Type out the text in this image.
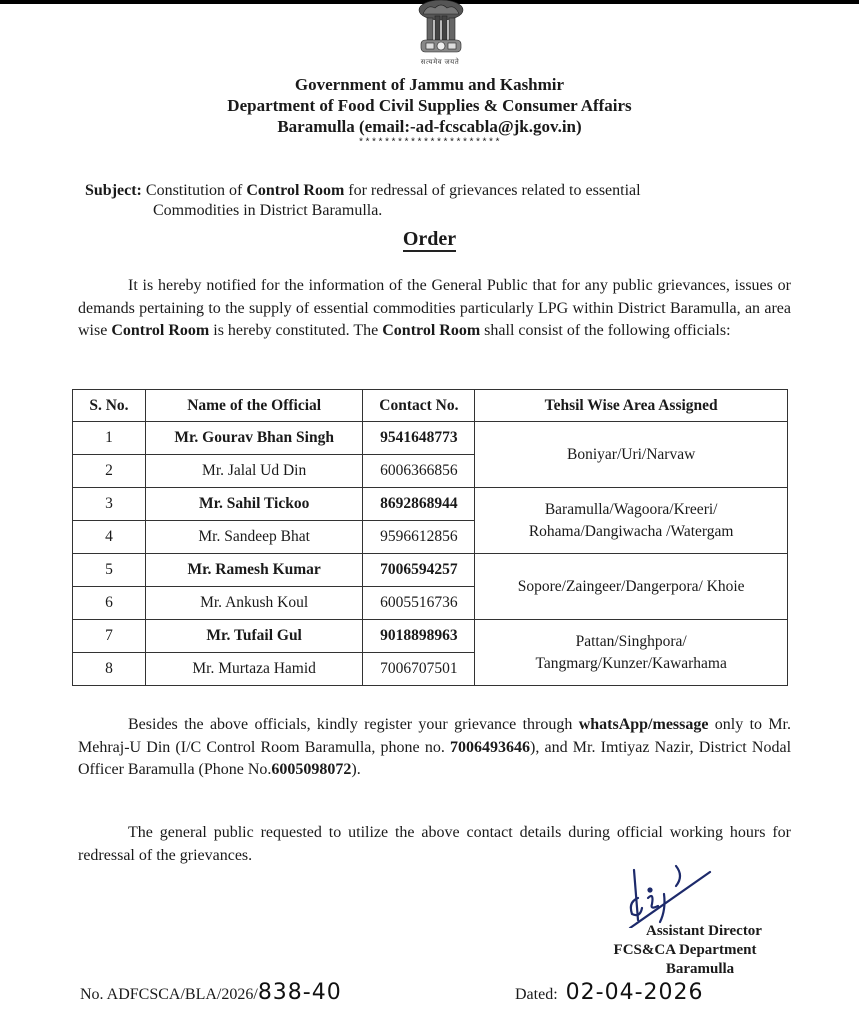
सत्यमेव जयते
Government of Jammu and Kashmir
Department of Food Civil Supplies & Consumer Affairs
Baramulla (email:-ad-fcscabla@jk.gov.in)
**********************
Subject: Constitution of Control Room for redressal of grievances related to essential
Commodities in District Baramulla.
Order
It is hereby notified for the information of the General Public that for any public grievances, issues or demands pertaining to the supply of essential commodities particularly LPG within District Baramulla, an area wise Control Room is hereby constituted. The Control Room shall consist of the following officials:
S. No.	Name of the Official	Contact No.	Tehsil Wise Area Assigned
1	Mr. Gourav Bhan Singh	9541648773	Boniyar/Uri/Narvaw
2	Mr. Jalal Ud Din	6006366856	
3	Mr. Sahil Tickoo	8692868944	Baramulla/Wagoora/Kreeri/ Rohama/Dangiwacha /Watergam
4	Mr. Sandeep Bhat	9596612856	
5	Mr. Ramesh Kumar	7006594257	Sopore/Zaingeer/Dangerpora/ Khoie
6	Mr. Ankush Koul	6005516736	
7	Mr. Tufail Gul	9018898963	Pattan/Singhpora/ Tangmarg/Kunzer/Kawarhama
8	Mr. Murtaza Hamid	7006707501	
Besides the above officials, kindly register your grievance through whatsApp/message only to Mr. Mehraj-U Din (I/C Control Room Baramulla, phone no. 7006493646), and Mr. Imtiyaz Nazir, District Nodal Officer Baramulla (Phone No.6005098072).
The general public requested to utilize the above contact details during official working hours for redressal of the grievances.
Assistant Director
FCS&CA Department
Baramulla
No. ADFCSCA/BLA/2026/838-40	Dated: 02-04-2026
